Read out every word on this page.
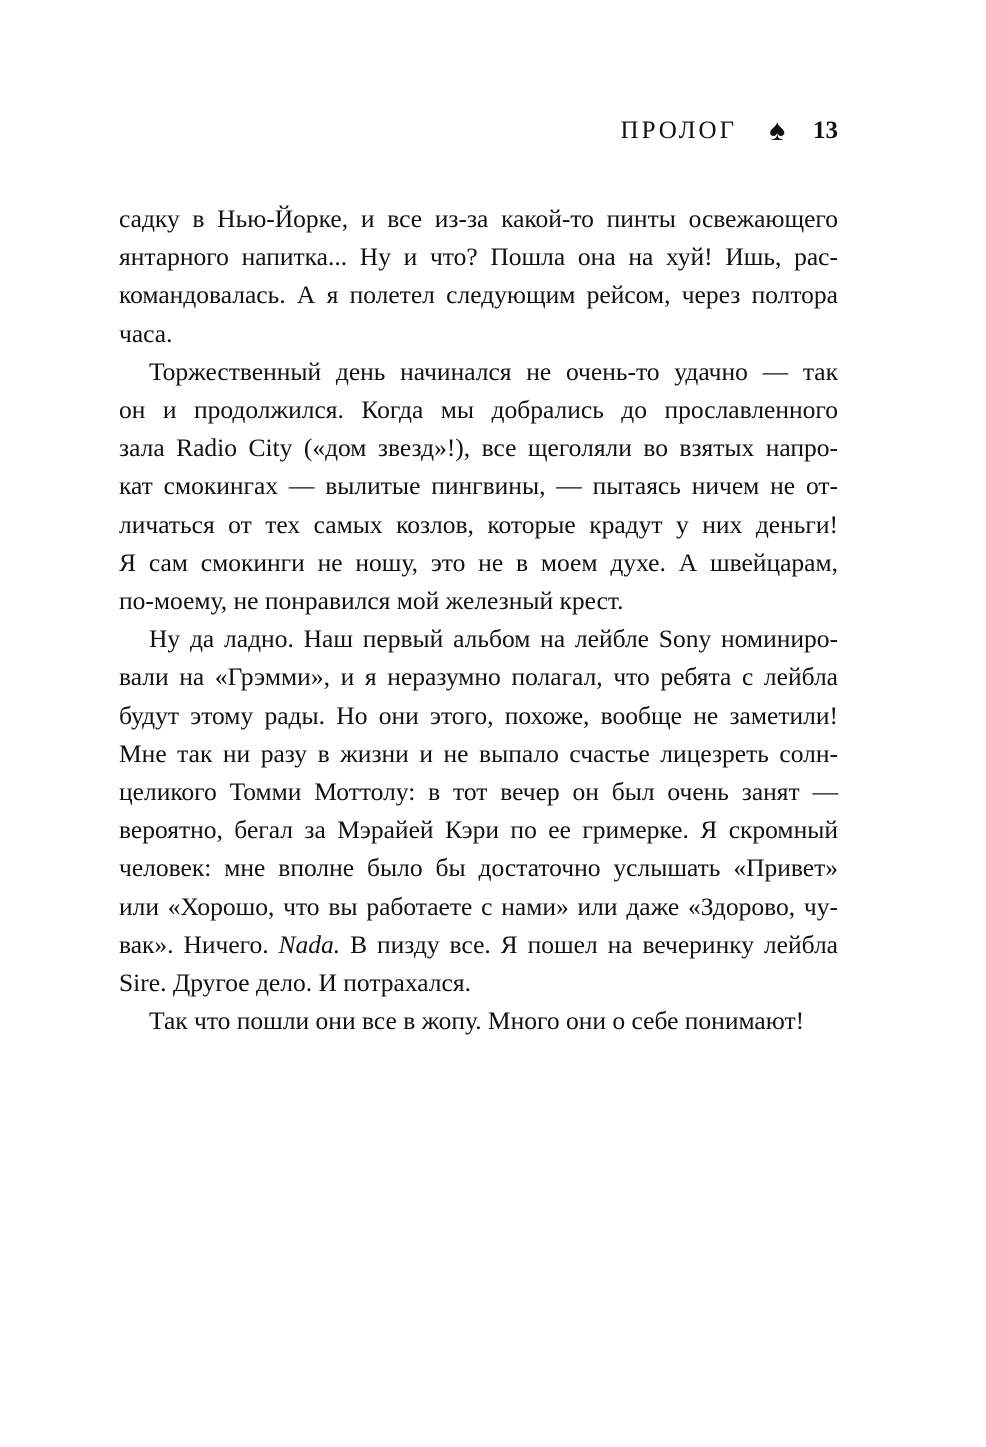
ПРОЛОГ ♠ 13

садку в Нью-Йорке, и все из-за какой-то пинты освежающего
янтарного напитка... Ну и что? Пошла она на хуй! Ишь, рас-
командовалась. А я полетел следующим рейсом, через полтора
часа.

Торжественный день начинался не очень-то удачно — так
он и продолжился. Когда мы добрались до прославленного
зала Radio City («дом звезд»!), все щеголяли во взятых напро-
кат смокингах — вылитые пингвины, — пытаясь ничем не от-
личаться от тех самых козлов, которые крадут у них деньги!
Я сам смокинги не ношу, это не в моем духе. А швейцарам,
по-моему, не понравился мой железный крест.

Ну да ладно. Наш первый альбом на лейбле Sony номиниро-
вали на «Грэмми», и я неразумно полагал, что ребята с лейбла
будут этому рады. Но они этого, похоже, вообще не заметили!
Мне так ни разу в жизни и не выпало счастье лицезреть солн-
целикого Томми Моттолу: в тот вечер он был очень занят —
вероятно, бегал за Мэрайей Кэри по ее гримерке. Я скромный
человек: мне вполне было бы достаточно услышать «Привет»
или «Хорошо, что вы работаете с нами» или даже «Здорово, чу-
вак». Ничего. Nada. В пизду все. Я пошел на вечеринку лейбла
Sire. Другое дело. И потрахался.

Так что пошли они все в жопу. Много они о себе понимают!
